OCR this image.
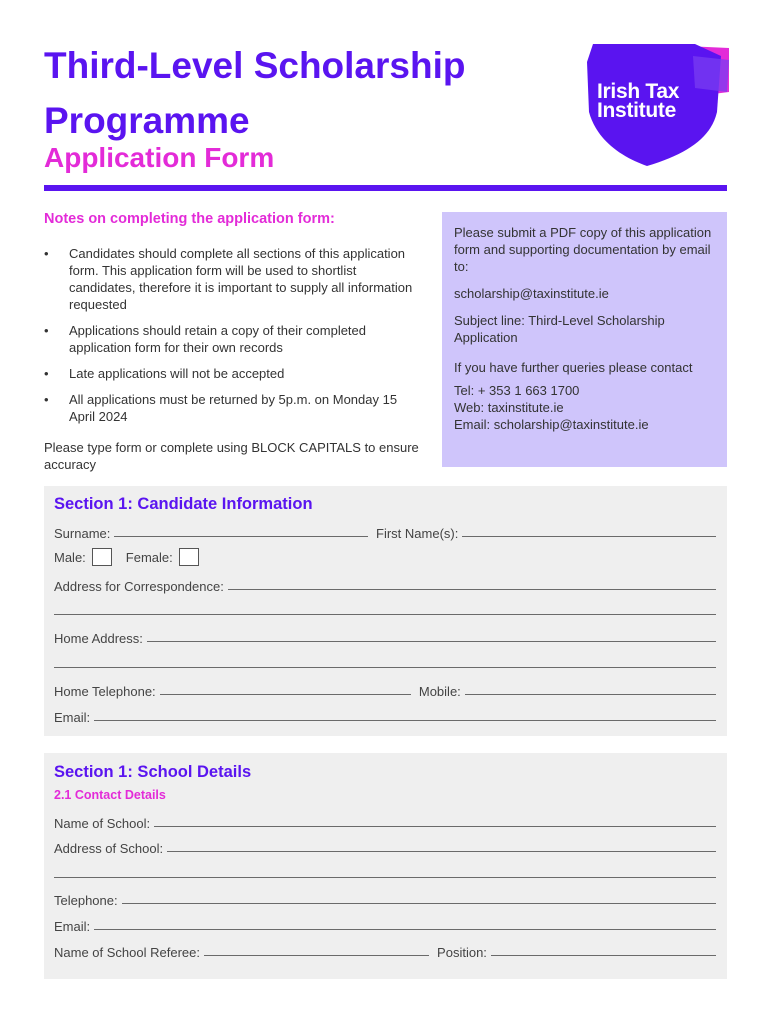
Third-Level Scholarship
Programme
Application Form
Irish Tax
Institute
Notes on completing the application form:
• Candidates should complete all sections of this application form. This application form will be used to shortlist candidates, therefore it is important to supply all information requested
• Applications should retain a copy of their completed application form for their own records
• Late applications will not be accepted
• All applications must be returned by 5p.m. on Monday 15 April 2024
Please type form or complete using BLOCK CAPITALS to ensure accuracy

Please submit a PDF copy of this application form and supporting documentation by email to:

scholarship@taxinstitute.ie

Subject line: Third-Level Scholarship Application

If you have further queries please contact

Tel: + 353 1 663 1700

Web: taxinstitute.ie

Email: scholarship@taxinstitute.ie

Section 1: Candidate Information
Surname:	First Name(s):
Male:	Female:
Address for Correspondence:
Home Address:
Home Telephone:	Mobile:
Email:
Section 1: School Details
2.1 Contact Details
Name of School:
Address of School:
Telephone:
Email:
Name of School Referee:	Position:
